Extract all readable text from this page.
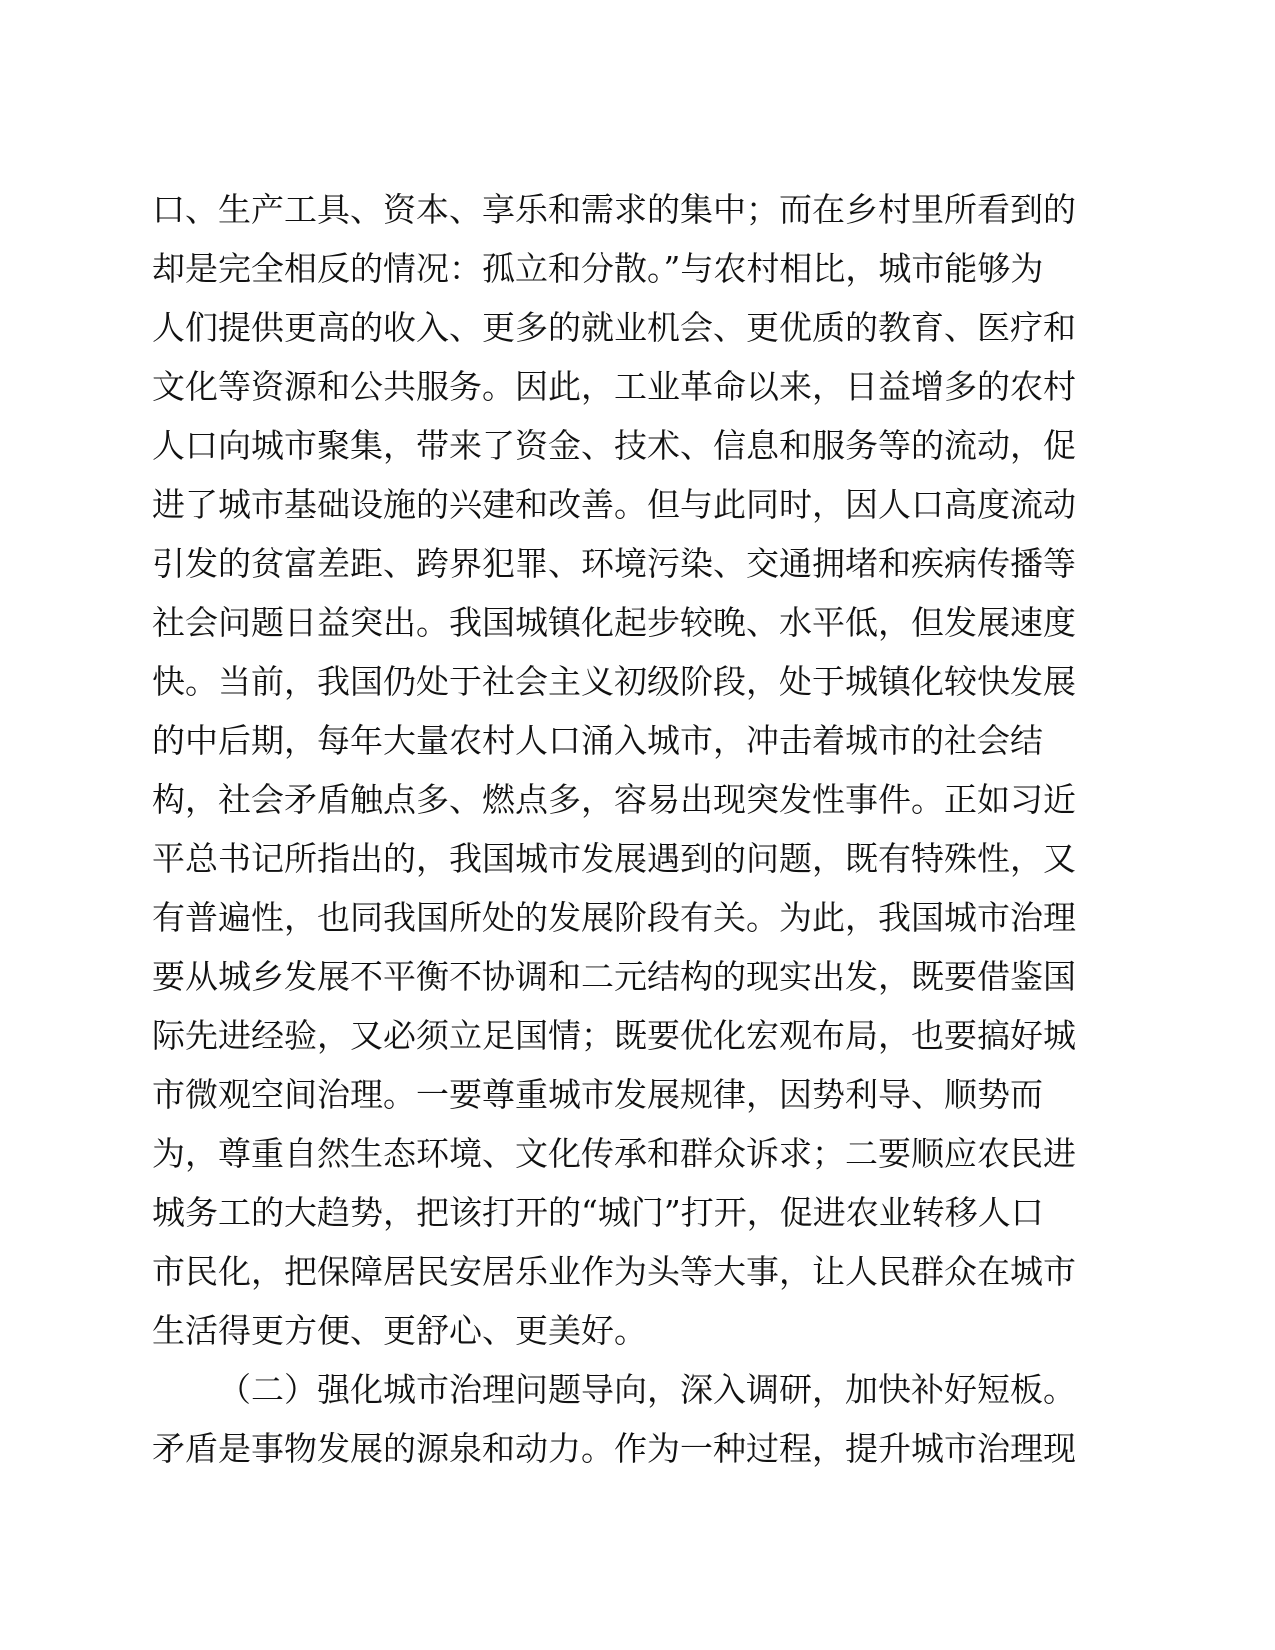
口、生产工具、资本、享乐和需求的集中；而在乡村里所看到的
却是完全相反的情况：孤立和分散。”与农村相比，城市能够为
人们提供更高的收入、更多的就业机会、更优质的教育、医疗和
文化等资源和公共服务。因此，工业革命以来，日益增多的农村
人口向城市聚集，带来了资金、技术、信息和服务等的流动，促
进了城市基础设施的兴建和改善。但与此同时，因人口高度流动
引发的贫富差距、跨界犯罪、环境污染、交通拥堵和疾病传播等
社会问题日益突出。我国城镇化起步较晚、水平低，但发展速度
快。当前，我国仍处于社会主义初级阶段，处于城镇化较快发展
的中后期，每年大量农村人口涌入城市，冲击着城市的社会结
构，社会矛盾触点多、燃点多，容易出现突发性事件。正如习近
平总书记所指出的，我国城市发展遇到的问题，既有特殊性，又
有普遍性，也同我国所处的发展阶段有关。为此，我国城市治理
要从城乡发展不平衡不协调和二元结构的现实出发，既要借鉴国
际先进经验，又必须立足国情；既要优化宏观布局，也要搞好城
市微观空间治理。一要尊重城市发展规律，因势利导、顺势而
为，尊重自然生态环境、文化传承和群众诉求；二要顺应农民进
城务工的大趋势，把该打开的“城门”打开，促进农业转移人口
市民化，把保障居民安居乐业作为头等大事，让人民群众在城市
生活得更方便、更舒心、更美好。
（二）强化城市治理问题导向，深入调研，加快补好短板。
矛盾是事物发展的源泉和动力。作为一种过程，提升城市治理现
